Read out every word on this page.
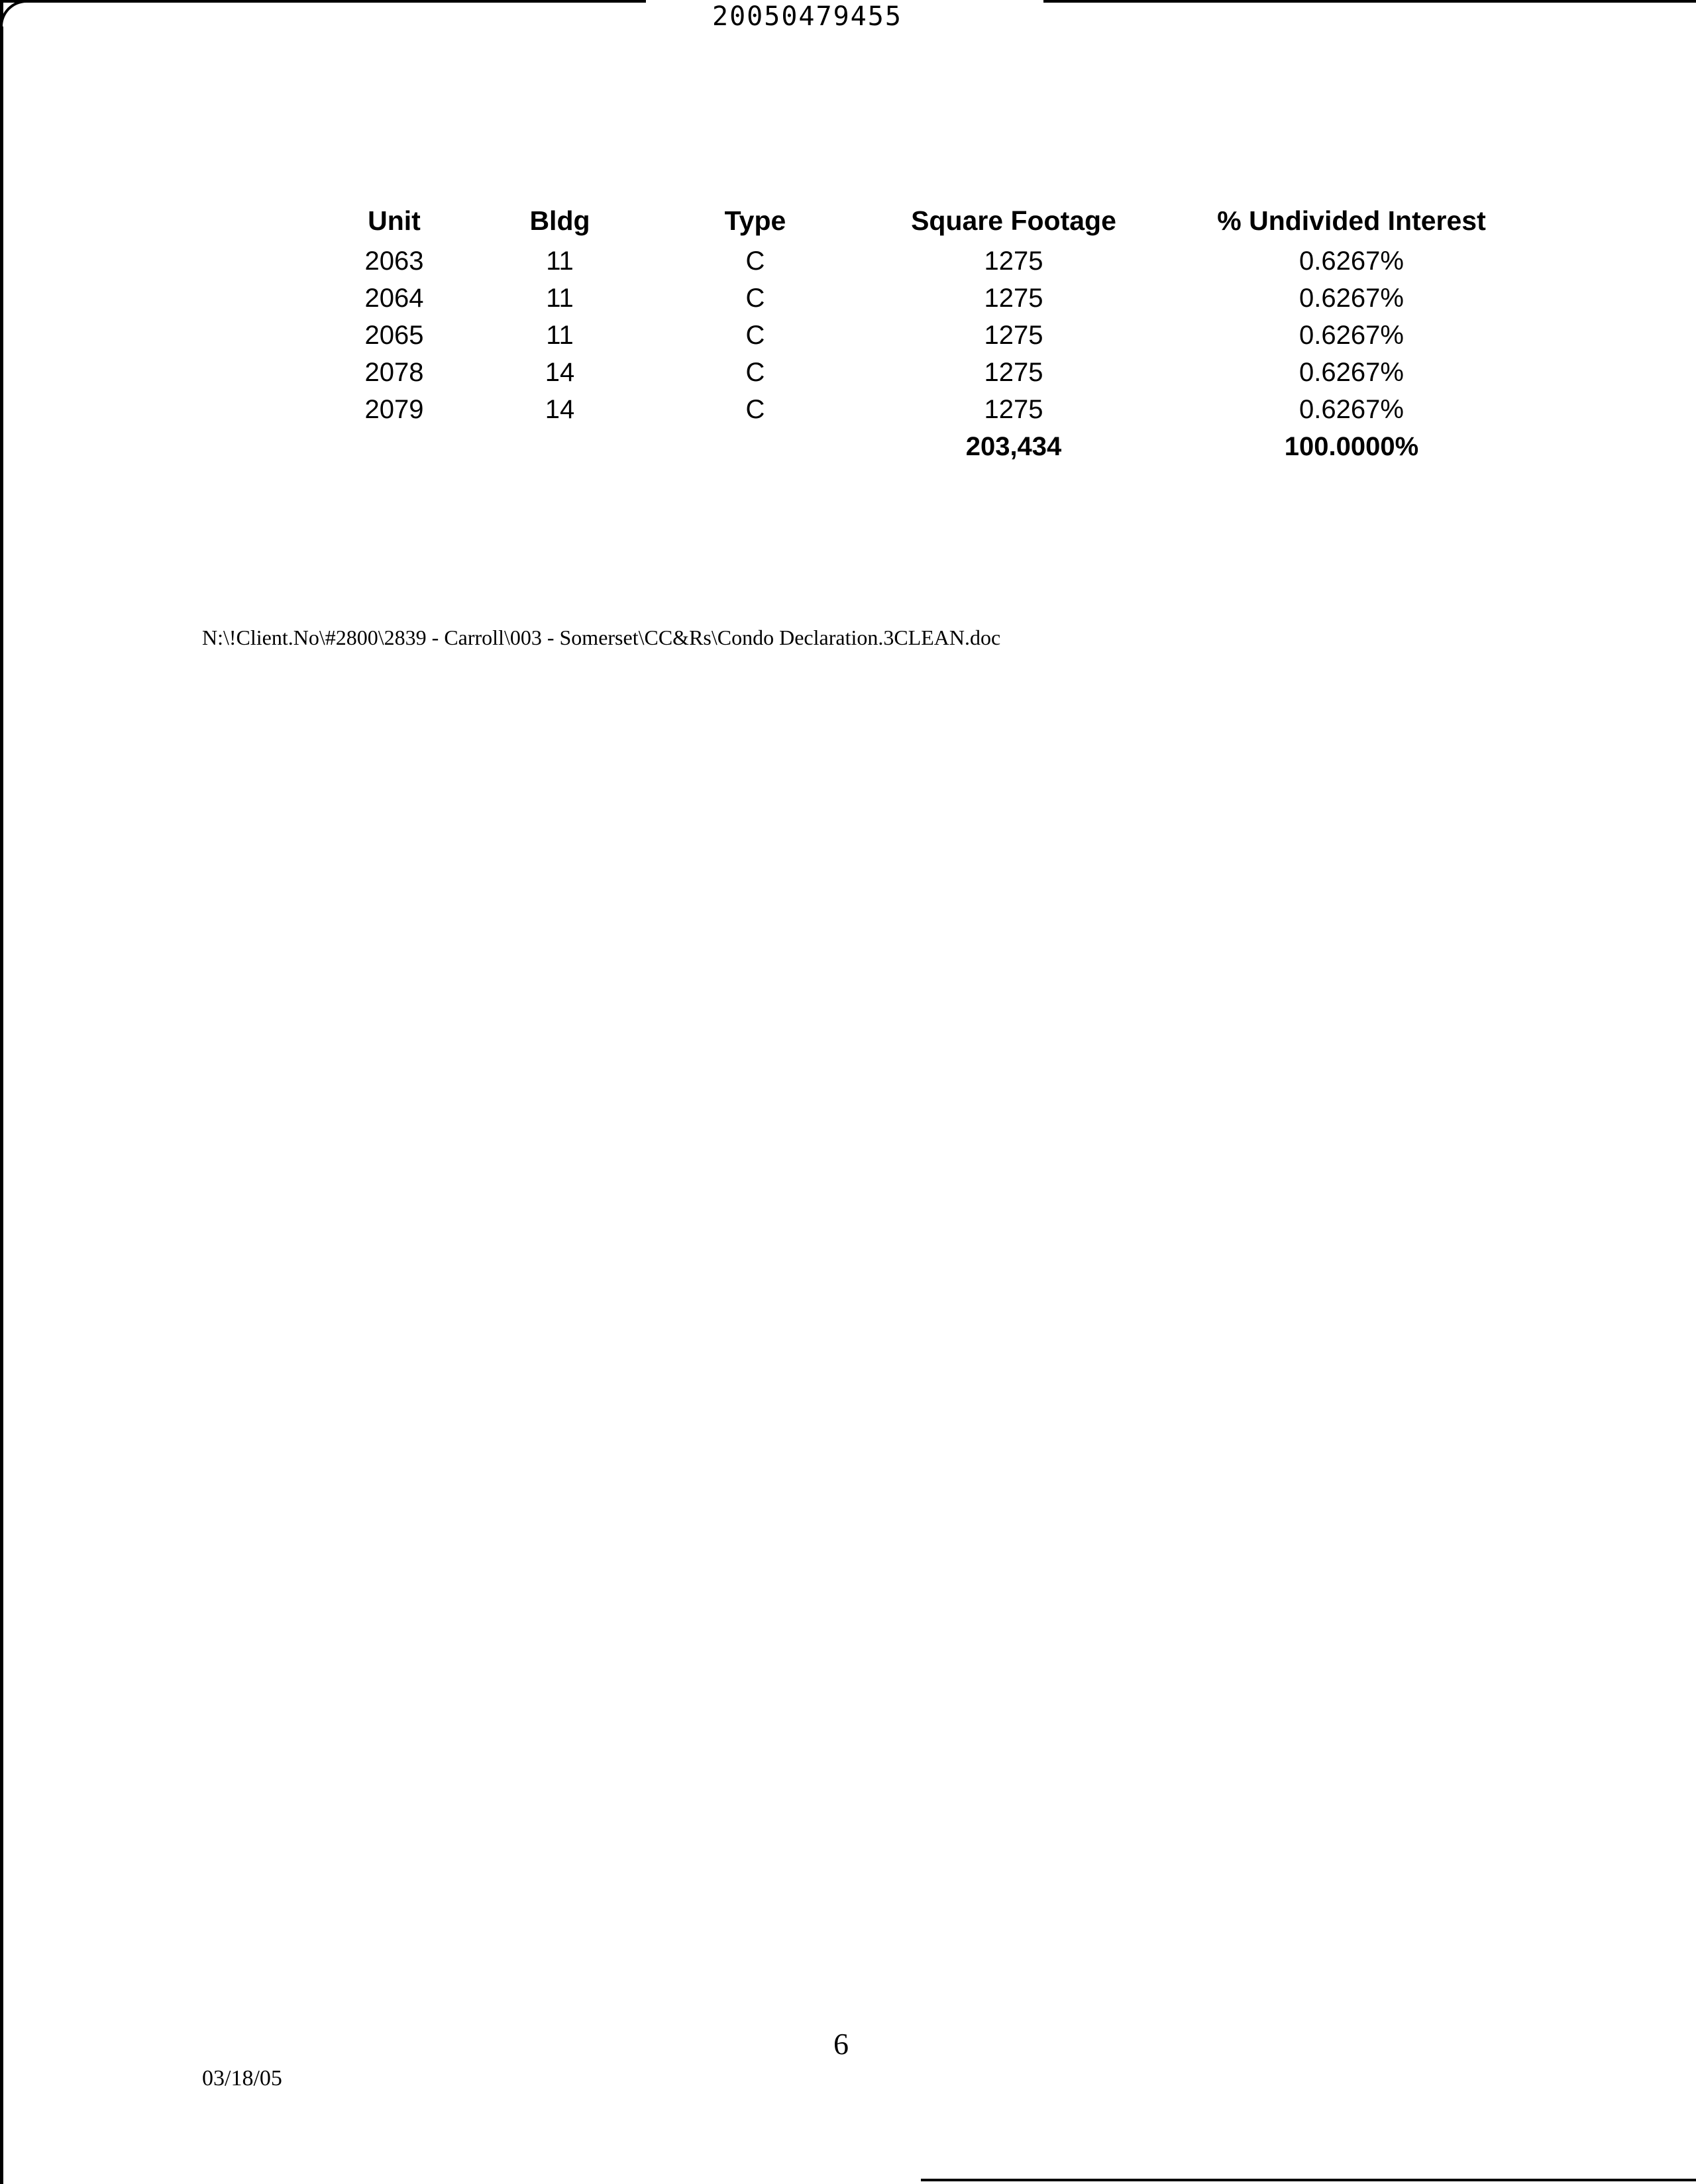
20050479455
Unit	Bldg	Type	Square Footage	% Undivided Interest
2063	11	C	1275	0.6267%
2064	11	C	1275	0.6267%
2065	11	C	1275	0.6267%
2078	14	C	1275	0.6267%
2079	14	C	1275	0.6267%
			203,434	100.0000%
N:\!Client.No\#2800\2839 - Carroll\003 - Somerset\CC&Rs\Condo Declaration.3CLEAN.doc
6
03/18/05
